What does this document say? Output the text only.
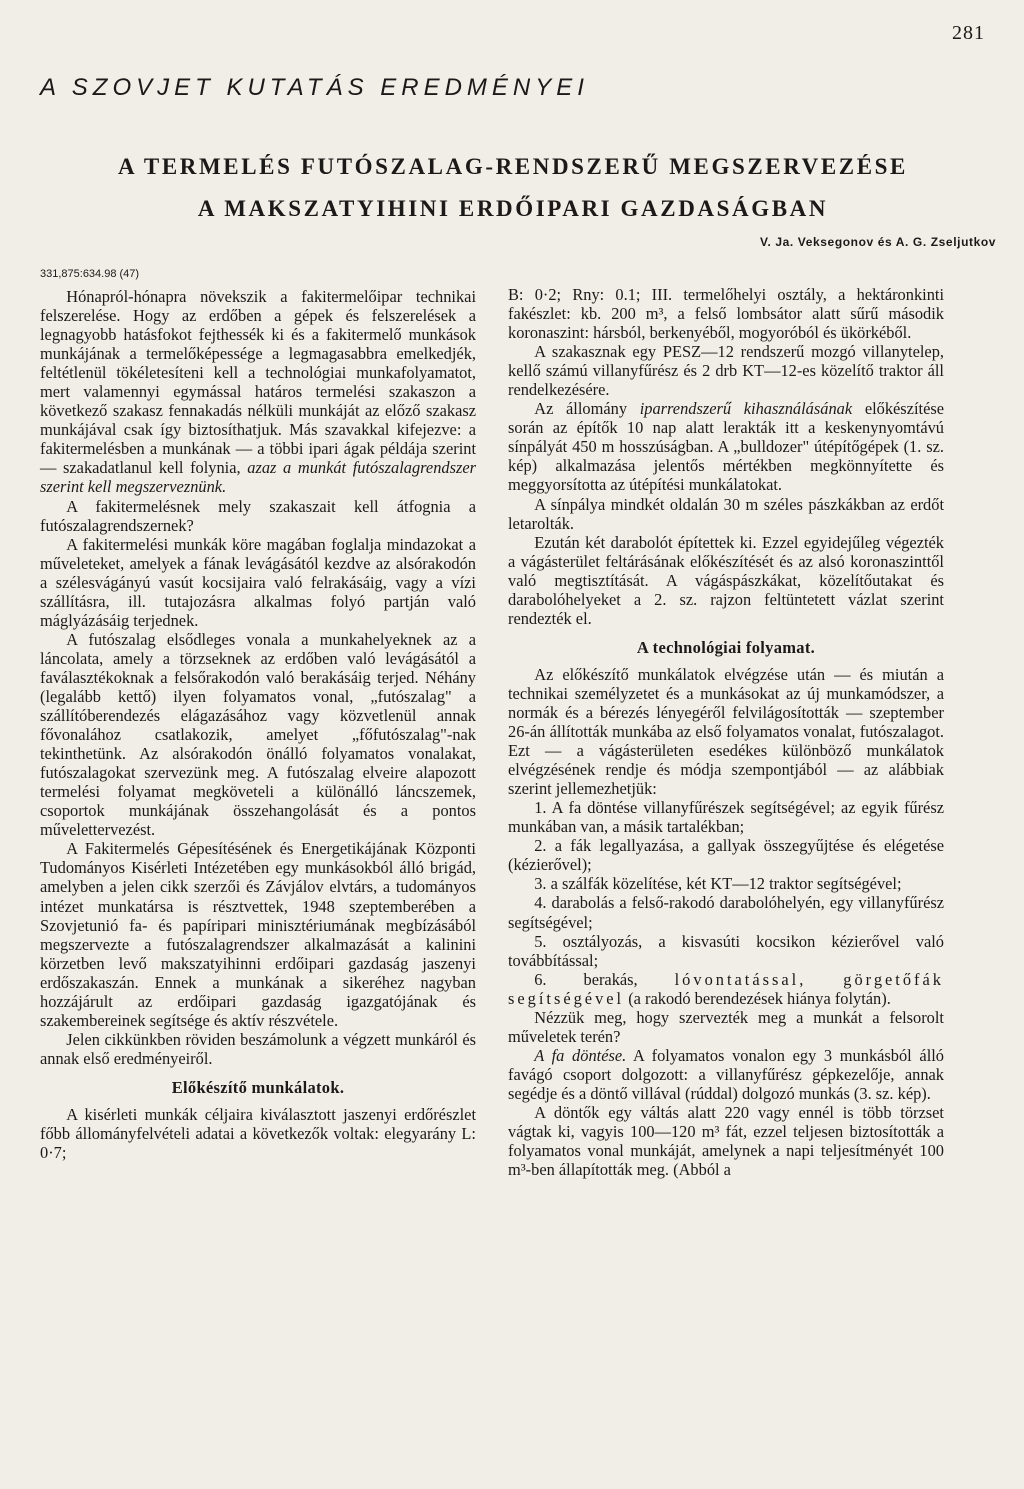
281
A SZOVJET KUTATÁS EREDMÉNYEI
A TERMELÉS FUTÓSZALAG-RENDSZERŰ MEGSZERVEZÉSE
A MAKSZATYIHINI ERDŐIPARI GAZDASÁGBAN
V. Ja. Veksegonov és A. G. Zseljutkov
331,875:634.98 (47)

Hónapról-hónapra növekszik a fakitermelőipar technikai felszerelése. Hogy az erdőben a gépek és felszerelések a legnagyobb hatásfokot fejthessék ki és a fakitermelő munkások munkájának a termelőképessége a legmagasabbra emelkedjék, feltétlenül tökéletesíteni kell a technológiai munkafolyamatot, mert valamennyi egymással határos termelési szakaszon a következő szakasz fennakadás nélküli munkáját az előző szakasz munkájával csak így biztosíthatjuk. Más szavakkal kifejezve: a fakitermelésben a munkának — a többi ipari ágak példája szerint — szakadatlanul kell folynia, azaz a munkát futószalagrendszer szerint kell megszerveznünk.

A fakitermelésnek mely szakaszait kell átfognia a futószalagrendszernek?

A fakitermelési munkák köre magában foglalja mindazokat a műveleteket, amelyek a fának levágásától kezdve az alsórakodón a szélesvágányú vasút kocsijaira való felrakásáig, vagy a vízi szállításra, ill. tutajozásra alkalmas folyó partján való máglyázásáig terjednek.

A futószalag elsődleges vonala a munkahelyeknek az a láncolata, amely a törzseknek az erdőben való levágásától a faválasztékoknak a felsőrakodón való berakásáig terjed. Néhány (legalább kettő) ilyen folyamatos vonal, „futószalag" a szállítóberendezés elágazásához vagy közvetlenül annak fővonalához csatlakozik, amelyet „főfutószalag"-nak tekinthetünk. Az alsórakodón önálló folyamatos vonalakat, futószalagokat szervezünk meg. A futószalag elveire alapozott termelési folyamat megköveteli a különálló láncszemek, csoportok munkájának összehangolását és a pontos művelettervezést.

A Fakitermelés Gépesítésének és Energetikájának Központi Tudományos Kisérleti Intézetében egy munkásokból álló brigád, amelyben a jelen cikk szerzői és Závjálov elvtárs, a tudományos intézet munkatársa is résztvettek, 1948 szeptemberében a Szovjetunió fa- és papíripari minisztériumának megbízásából megszervezte a futószalagrendszer alkalmazását a kalinini körzetben levő makszatyihinni erdőipari gazdaság jaszenyi erdőszakaszán. Ennek a munkának a sikeréhez nagyban hozzájárult az erdőipari gazdaság igazgatójának és szakembereinek segítsége és aktív részvétele.

Jelen cikkünkben röviden beszámolunk a végzett munkáról és annak első eredményeiről.

Előkészítő munkálatok.

A kisérleti munkák céljaira kiválasztott jaszenyi erdőrészlet főbb állományfelvételi adatai a következők voltak: elegyarány L: 0·7;

B: 0·2; Rny: 0.1; III. termelőhelyi osztály, a hektáronkinti fakészlet: kb. 200 m³, a felső lombsátor alatt sűrű második koronaszint: hársból, berkenyéből, mogyoróból és ükörkéből.

A szakasznak egy PESZ—12 rendszerű mozgó villanytelep, kellő számú villanyfűrész és 2 drb KT—12-es közelítő traktor áll rendelkezésére.

Az állomány iparrendszerű kihasználásának előkészítése során az építők 10 nap alatt lerakták itt a keskenynyomtávú sínpályát 450 m hosszúságban. A „bulldozer" útépítőgépek (1. sz. kép) alkalmazása jelentős mértékben megkönnyítette és meggyorsította az útépítési munkálatokat.

A sínpálya mindkét oldalán 30 m széles pászkákban az erdőt letarolták.

Ezután két darabolót építettek ki. Ezzel egyidejűleg végezték a vágásterület feltárásának előkészítését és az alsó koronaszinttől való megtisztítását. A vágáspászkákat, közelítőutakat és darabolóhelyeket a 2. sz. rajzon feltüntetett vázlat szerint rendezték el.

A technológiai folyamat.

Az előkészítő munkálatok elvégzése után — és miután a technikai személyzetet és a munkásokat az új munkamódszer, a normák és a bérezés lényegéről felvilágosították — szeptember 26-án állították munkába az első folyamatos vonalat, futószalagot. Ezt — a vágásterületen esedékes különböző munkálatok elvégzésének rendje és módja szempontjából — az alábbiak szerint jellemezhetjük:

1. A fa döntése villanyfűrészek segítségével; az egyik fűrész munkában van, a másik tartalékban;

2. a fák legallyazása, a gallyak összegyűjtése és elégetése (kézierővel);

3. a szálfák közelítése, két KT—12 traktor segítségével;

4. darabolás a felső-rakodó darabolóhelyén, egy villanyfűrész segítségével;

5. osztályozás, a kisvasúti kocsikon kézierővel való továbbítással;

6. berakás, lóvontatással, görgetőfák segítségével (a rakodó berendezések hiánya folytán).

Nézzük meg, hogy szervezték meg a munkát a felsorolt műveletek terén?

A fa döntése. A folyamatos vonalon egy 3 munkásból álló favágó csoport dolgozott: a villanyfűrész gépkezelője, annak segédje és a döntő villával (rúddal) dolgozó munkás (3. sz. kép).

A döntők egy váltás alatt 220 vagy ennél is több törzset vágtak ki, vagyis 100—120 m³ fát, ezzel teljesen biztosították a folyamatos vonal munkáját, amelynek a napi teljesítményét 100 m³-ben állapították meg. (Abból a
